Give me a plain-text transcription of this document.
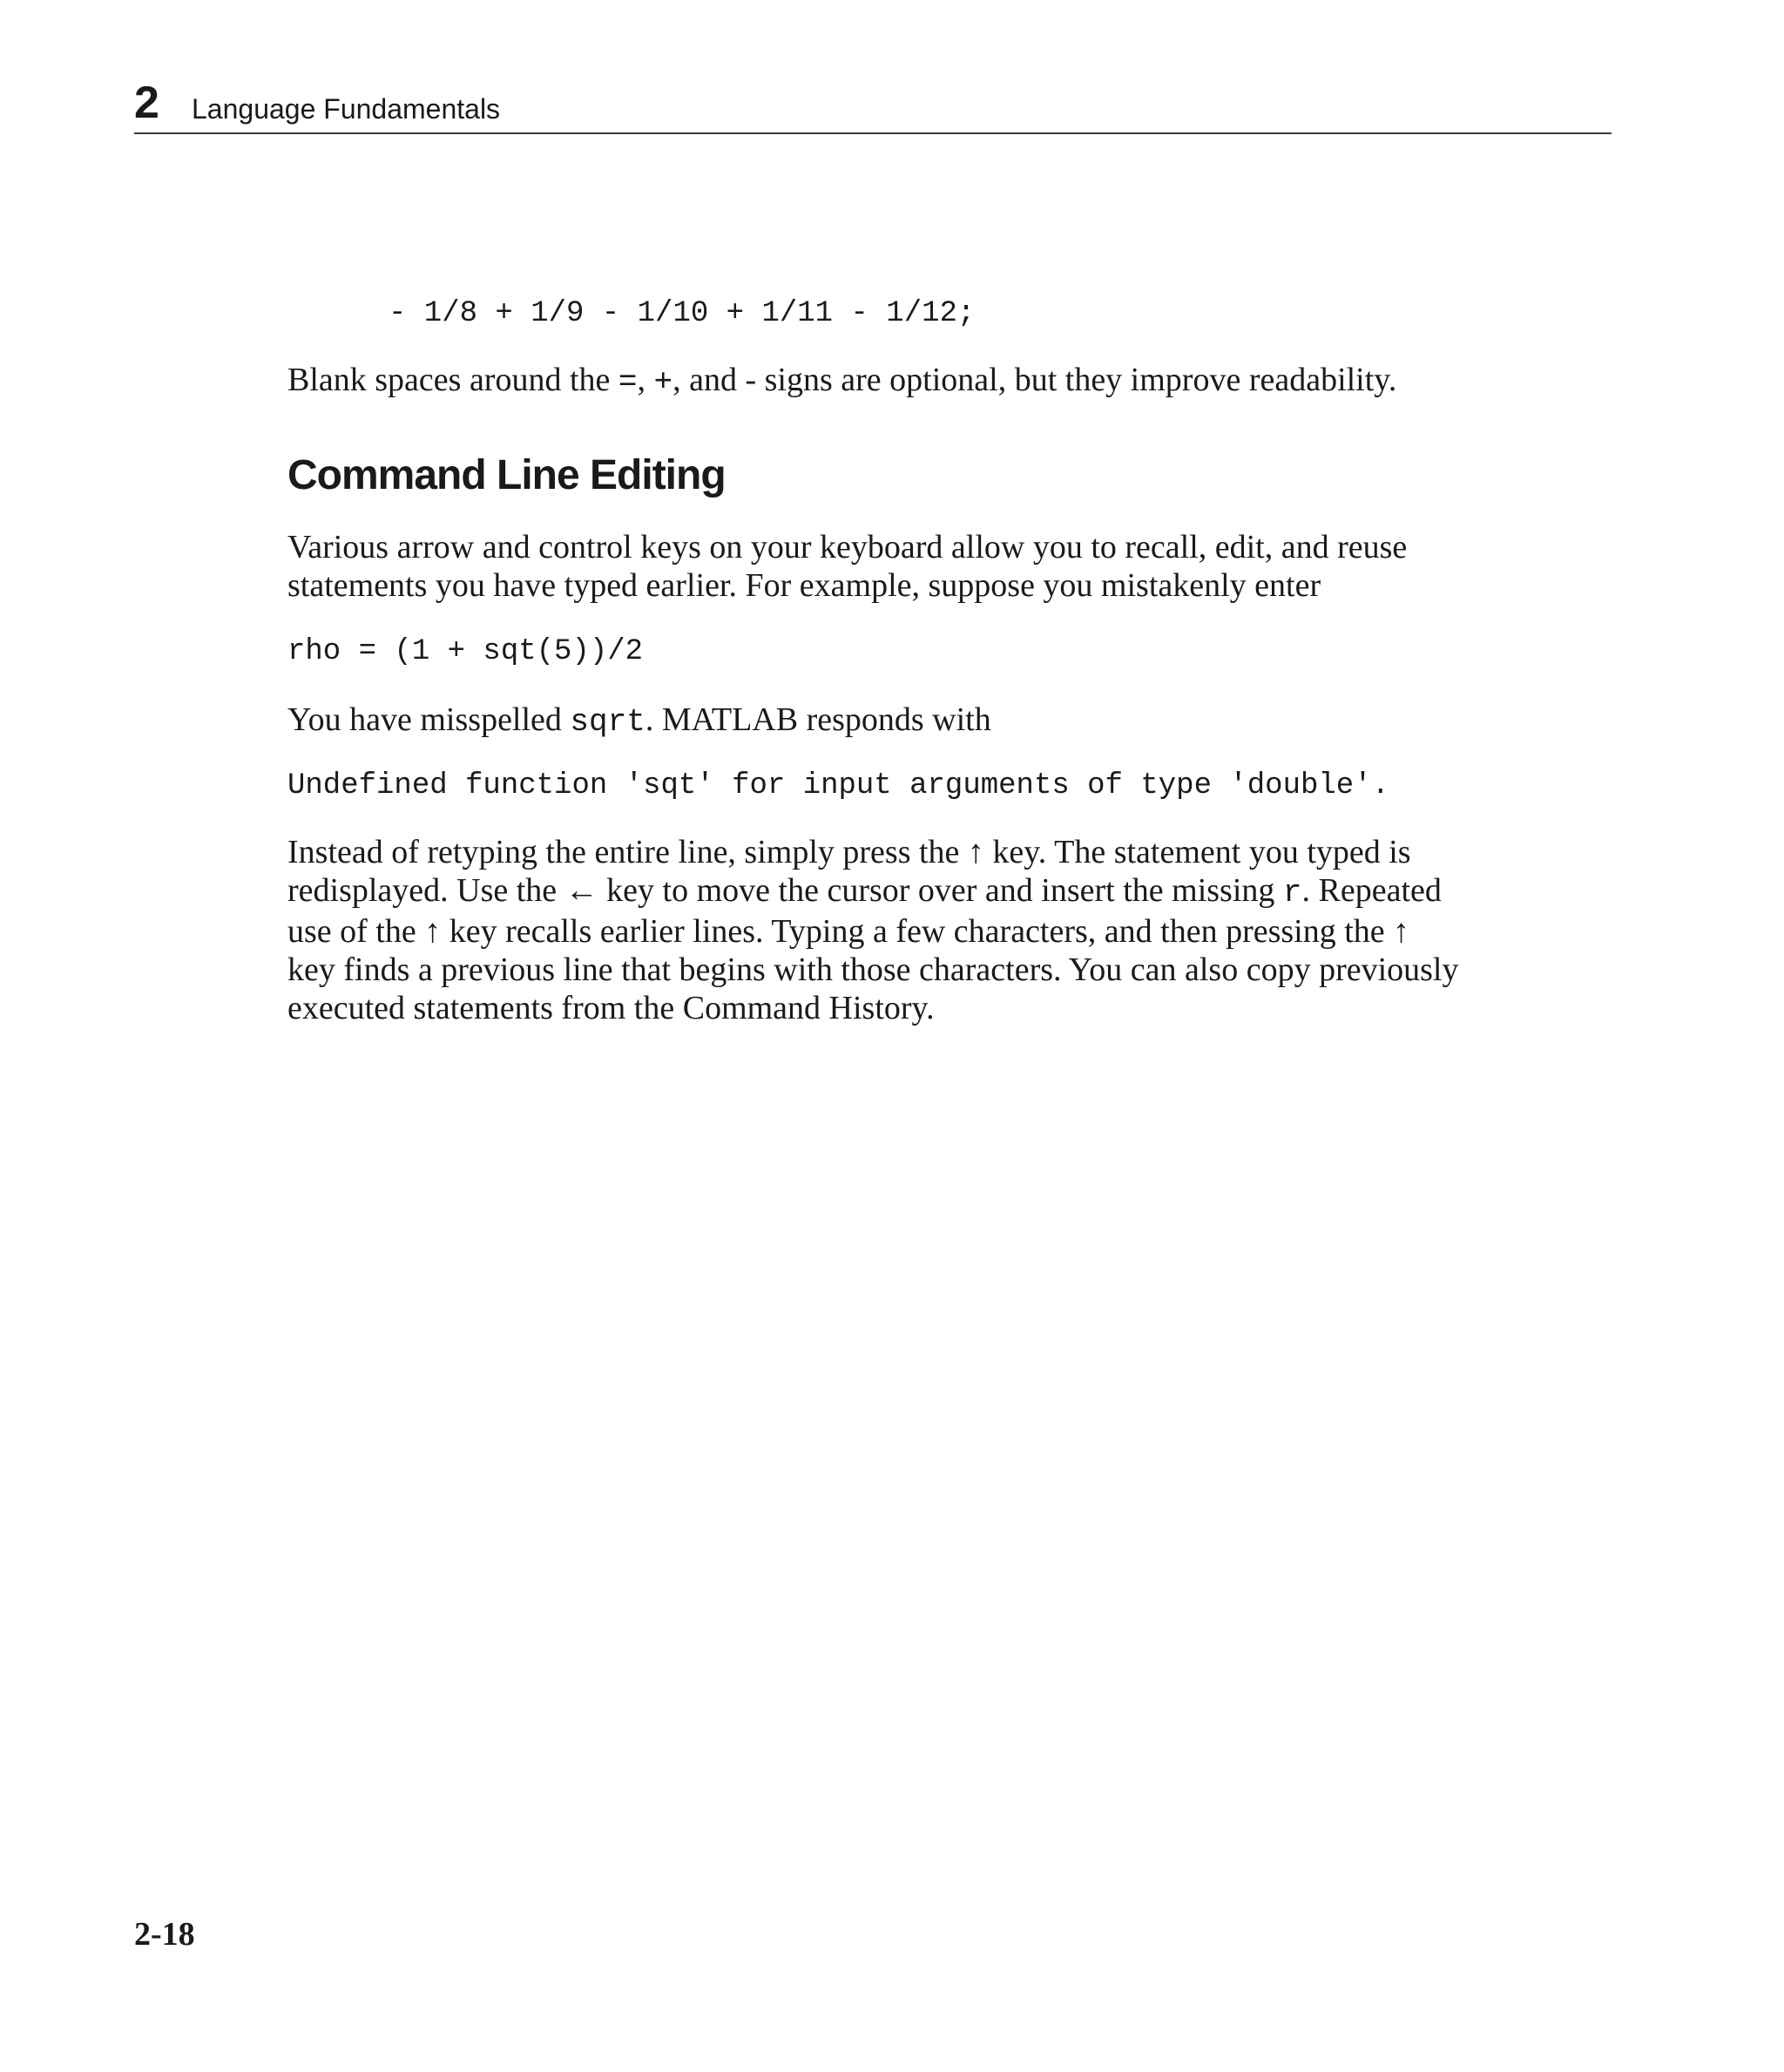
2 Language Fundamentals
- 1/8 + 1/9 - 1/10 + 1/11 - 1/12;
Blank spaces around the =, +, and - signs are optional, but they improve readability.
Command Line Editing
Various arrow and control keys on your keyboard allow you to recall, edit, and reuse
statements you have typed earlier. For example, suppose you mistakenly enter
rho = (1 + sqt(5))/2
You have misspelled sqrt. MATLAB responds with
Undefined function 'sqt' for input arguments of type 'double'.
Instead of retyping the entire line, simply press the ↑ key. The statement you typed is
redisplayed. Use the ← key to move the cursor over and insert the missing r. Repeated
use of the ↑ key recalls earlier lines. Typing a few characters, and then pressing the ↑
key finds a previous line that begins with those characters. You can also copy previously
executed statements from the Command History.
2-18
